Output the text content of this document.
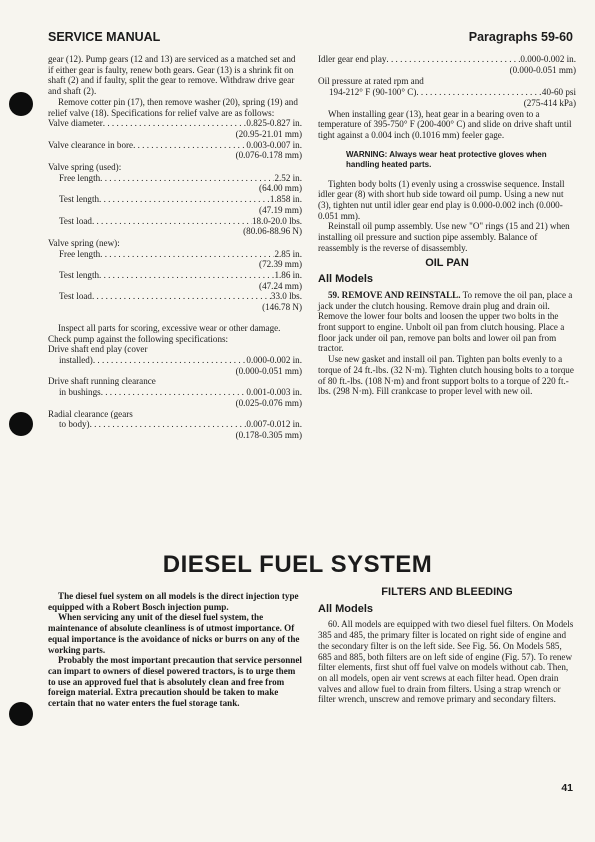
SERVICE MANUAL	Paragraphs 59-60

gear (12). Pump gears (12 and 13) are serviced as a matched set and if either gear is faulty, renew both gears. Gear (13) is a shrink fit on shaft (2) and if faulty, split the gear to remove. Withdraw drive gear and shaft (2).

Remove cotter pin (17), then remove washer (20), spring (19) and relief valve (18). Specifications for relief valve are as follows:

Valve diameter . . .	0.825-0.827 in.
(20.95-21.01 mm)
Valve clearance in bore . . .	0.003-0.007 in.
(0.076-0.178 mm)
Valve spring (used):
Free length . . .	2.52 in.
(64.00 mm)
Test length . . .	1.858 in.
(47.19 mm)
Test load . . .	18.0-20.0 lbs.
(80.06-88.96 N)
Valve spring (new):
Free length . . .	2.85 in.
(72.39 mm)
Test length . . .	1.86 in.
(47.24 mm)
Test load . . .	33.0 lbs.
(146.78 N)

Inspect all parts for scoring, excessive wear or other damage. Check pump against the following specifications:

Drive shaft end play (cover
installed) . . .	0.000-0.002 in.
(0.000-0.051 mm)
Drive shaft running clearance
in bushings . . .	0.001-0.003 in.
(0.025-0.076 mm)
Radial clearance (gears
to body) . . .	0.007-0.012 in.
(0.178-0.305 mm)
Idler gear end play . . .	0.000-0.002 in.
(0.000-0.051 mm)
Oil pressure at rated rpm and
194-212° F (90-100° C) . . .	40-60 psi
(275-414 kPa)

When installing gear (13), heat gear in a bearing oven to a temperature of 395-750° F (200-400° C) and slide on drive shaft until tight against a 0.004 inch (0.1016 mm) feeler gage.

WARNING: Always wear heat protective gloves when handling heated parts.

Tighten body bolts (1) evenly using a crosswise sequence. Install idler gear (8) with short hub side toward oil pump. Using a new nut (3), tighten nut until idler gear end play is 0.000-0.002 inch (0.000-0.051 mm).

Reinstall oil pump assembly. Use new "O" rings (15 and 21) when installing oil pressure and suction pipe assembly. Balance of reassembly is the reverse of disassembly.

OIL PAN
All Models

59. REMOVE AND REINSTALL. To remove the oil pan, place a jack under the clutch housing. Remove drain plug and drain oil. Remove the lower four bolts and loosen the upper two bolts in the front support to engine. Unbolt oil pan from clutch housing. Place a floor jack under oil pan, remove pan bolts and lower oil pan from tractor.

Use new gasket and install oil pan. Tighten pan bolts evenly to a torque of 24 ft.-lbs. (32 N·m). Tighten clutch housing bolts to a torque of 80 ft.-lbs. (108 N·m) and front support bolts to a torque of 220 ft.-lbs. (298 N·m). Fill crankcase to proper level with new oil.

DIESEL FUEL SYSTEM

The diesel fuel system on all models is the direct injection type equipped with a Robert Bosch injection pump.

When servicing any unit of the diesel fuel system, the maintenance of absolute cleanliness is of utmost importance. Of equal importance is the avoidance of nicks or burrs on any of the working parts.

Probably the most important precaution that service personnel can impart to owners of diesel powered tractors, is to urge them to use an approved fuel that is absolutely clean and free from foreign material. Extra precaution should be taken to make certain that no water enters the fuel storage tank.

FILTERS AND BLEEDING
All Models

60. All models are equipped with two diesel fuel filters. On Models 385 and 485, the primary filter is located on right side of engine and the secondary filter is on the left side. See Fig. 56. On Models 585, 685 and 885, both filters are on left side of engine (Fig. 57). To renew filter elements, first shut off fuel valve on models without cab. Then, on all models, open air vent screws at each filter head. Open drain valves and allow fuel to drain from filters. Using a strap wrench or filter wrench, unscrew and remove primary and secondary filters.

41
